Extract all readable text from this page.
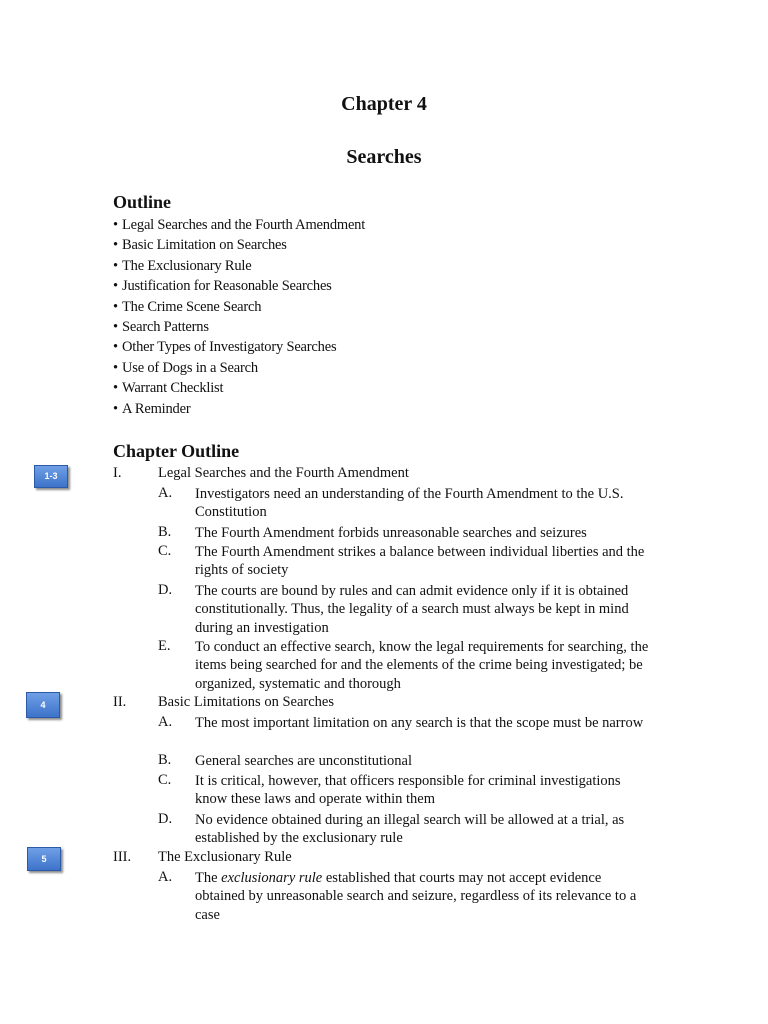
Chapter 4
Searches
Outline
• Legal Searches and the Fourth Amendment
• Basic Limitation on Searches
• The Exclusionary Rule
• Justification for Reasonable Searches
• The Crime Scene Search
• Search Patterns
• Other Types of Investigatory Searches
• Use of Dogs in a Search
• Warrant Checklist
• A Reminder
Chapter Outline
1-3
4
5
I.	Legal Searches and the Fourth Amendment
A. Investigators need an understanding of the Fourth Amendment to the U.S. Constitution
B. The Fourth Amendment forbids unreasonable searches and seizures
C. The Fourth Amendment strikes a balance between individual liberties and the rights of society
D. The courts are bound by rules and can admit evidence only if it is obtained constitutionally. Thus, the legality of a search must always be kept in mind during an investigation
E. To conduct an effective search, know the legal requirements for searching, the items being searched for and the elements of the crime being investigated; be organized, systematic and thorough
II. Basic Limitations on Searches
A. The most important limitation on any search is that the scope must be narrow
B. General searches are unconstitutional
C. It is critical, however, that officers responsible for criminal investigations know these laws and operate within them
D. No evidence obtained during an illegal search will be allowed at a trial, as established by the exclusionary rule
III. The Exclusionary Rule
A. The exclusionary rule established that courts may not accept evidence obtained by unreasonable search and seizure, regardless of its relevance to a case
